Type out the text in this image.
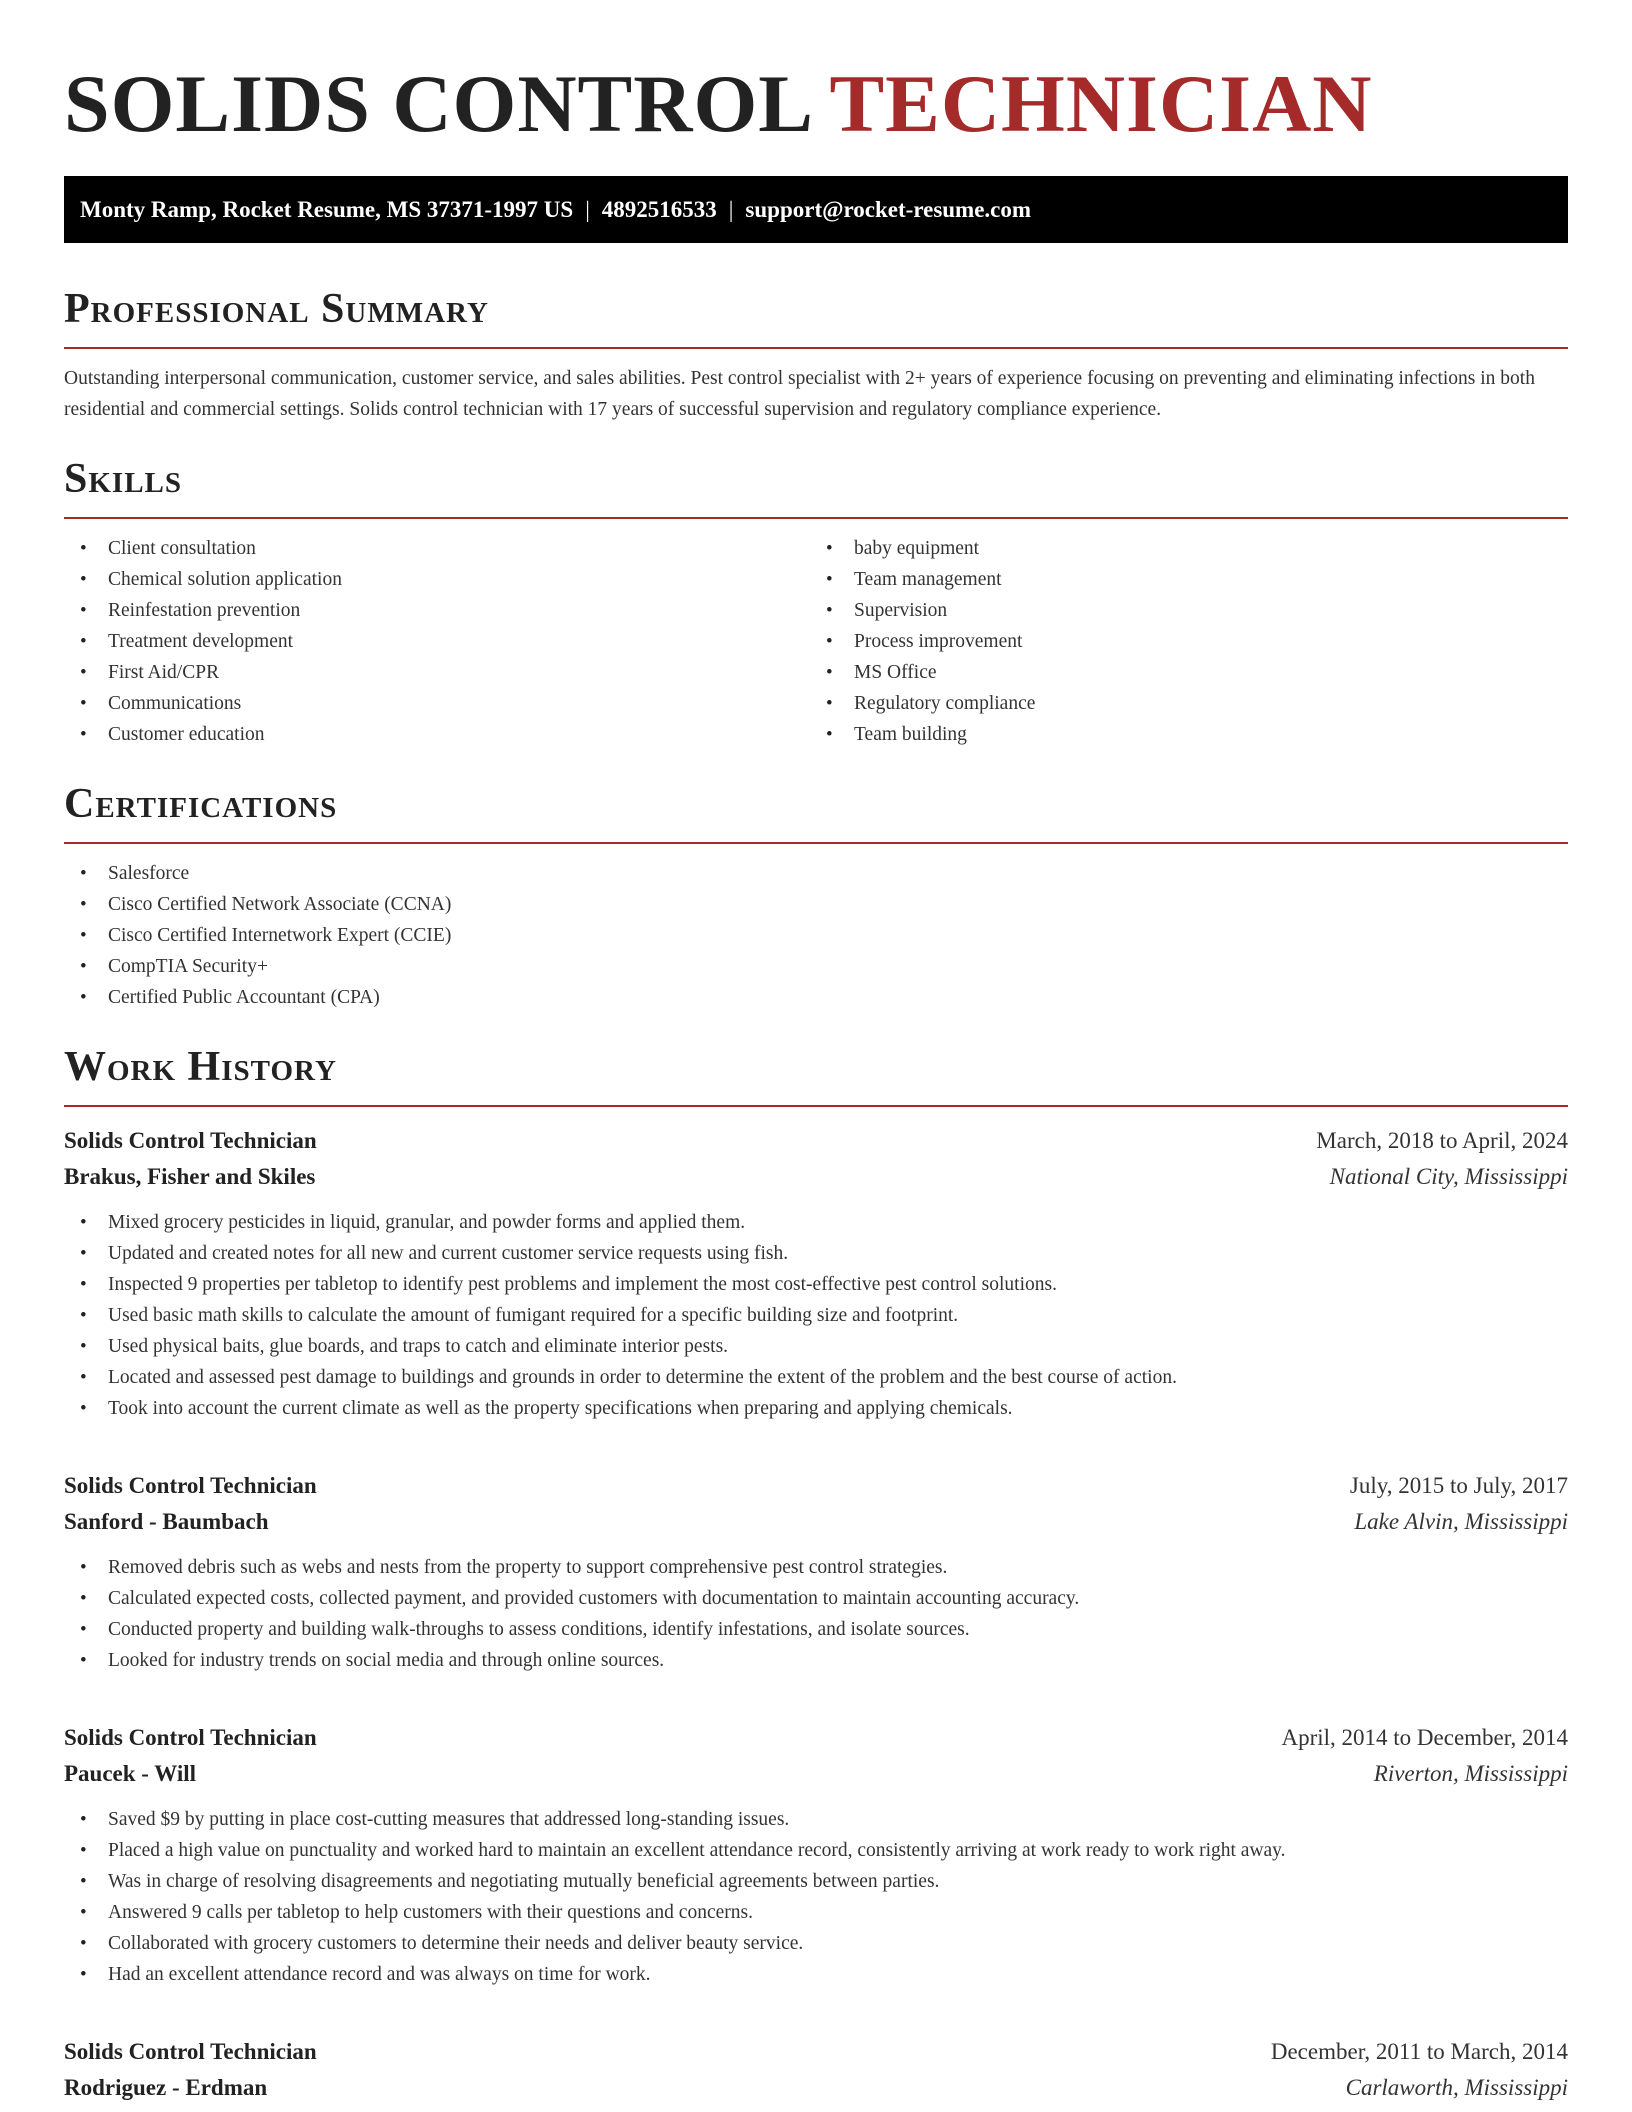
SOLIDS CONTROL TECHNICIAN
Monty Ramp, Rocket Resume, MS 37371-1997 US | 4892516533 | support@rocket-resume.com
Professional Summary

Outstanding interpersonal communication, customer service, and sales abilities. Pest control specialist with 2+ years of experience focusing on preventing and eliminating infections in both residential and commercial settings. Solids control technician with 17 years of successful supervision and regulatory compliance experience.

Skills
• Client consultation
• Chemical solution application
• Reinfestation prevention
• Treatment development
• First Aid/CPR
• Communications
• Customer education
• baby equipment
• Team management
• Supervision
• Process improvement
• MS Office
• Regulatory compliance
• Team building
Certifications
• Salesforce
• Cisco Certified Network Associate (CCNA)
• Cisco Certified Internetwork Expert (CCIE)
• CompTIA Security+
• Certified Public Accountant (CPA)
Work History
Solids Control Technician	March, 2018 to April, 2024
Brakus, Fisher and Skiles	National City, Mississippi
• Mixed grocery pesticides in liquid, granular, and powder forms and applied them.
• Updated and created notes for all new and current customer service requests using fish.
• Inspected 9 properties per tabletop to identify pest problems and implement the most cost-effective pest control solutions.
• Used basic math skills to calculate the amount of fumigant required for a specific building size and footprint.
• Used physical baits, glue boards, and traps to catch and eliminate interior pests.
• Located and assessed pest damage to buildings and grounds in order to determine the extent of the problem and the best course of action.
• Took into account the current climate as well as the property specifications when preparing and applying chemicals.
Solids Control Technician	July, 2015 to July, 2017
Sanford - Baumbach	Lake Alvin, Mississippi
• Removed debris such as webs and nests from the property to support comprehensive pest control strategies.
• Calculated expected costs, collected payment, and provided customers with documentation to maintain accounting accuracy.
• Conducted property and building walk-throughs to assess conditions, identify infestations, and isolate sources.
• Looked for industry trends on social media and through online sources.
Solids Control Technician	April, 2014 to December, 2014
Paucek - Will	Riverton, Mississippi
• Saved $9 by putting in place cost-cutting measures that addressed long-standing issues.
• Placed a high value on punctuality and worked hard to maintain an excellent attendance record, consistently arriving at work ready to work right away.
• Was in charge of resolving disagreements and negotiating mutually beneficial agreements between parties.
• Answered 9 calls per tabletop to help customers with their questions and concerns.
• Collaborated with grocery customers to determine their needs and deliver beauty service.
• Had an excellent attendance record and was always on time for work.
Solids Control Technician	December, 2011 to March, 2014
Rodriguez - Erdman	Carlaworth, Mississippi
